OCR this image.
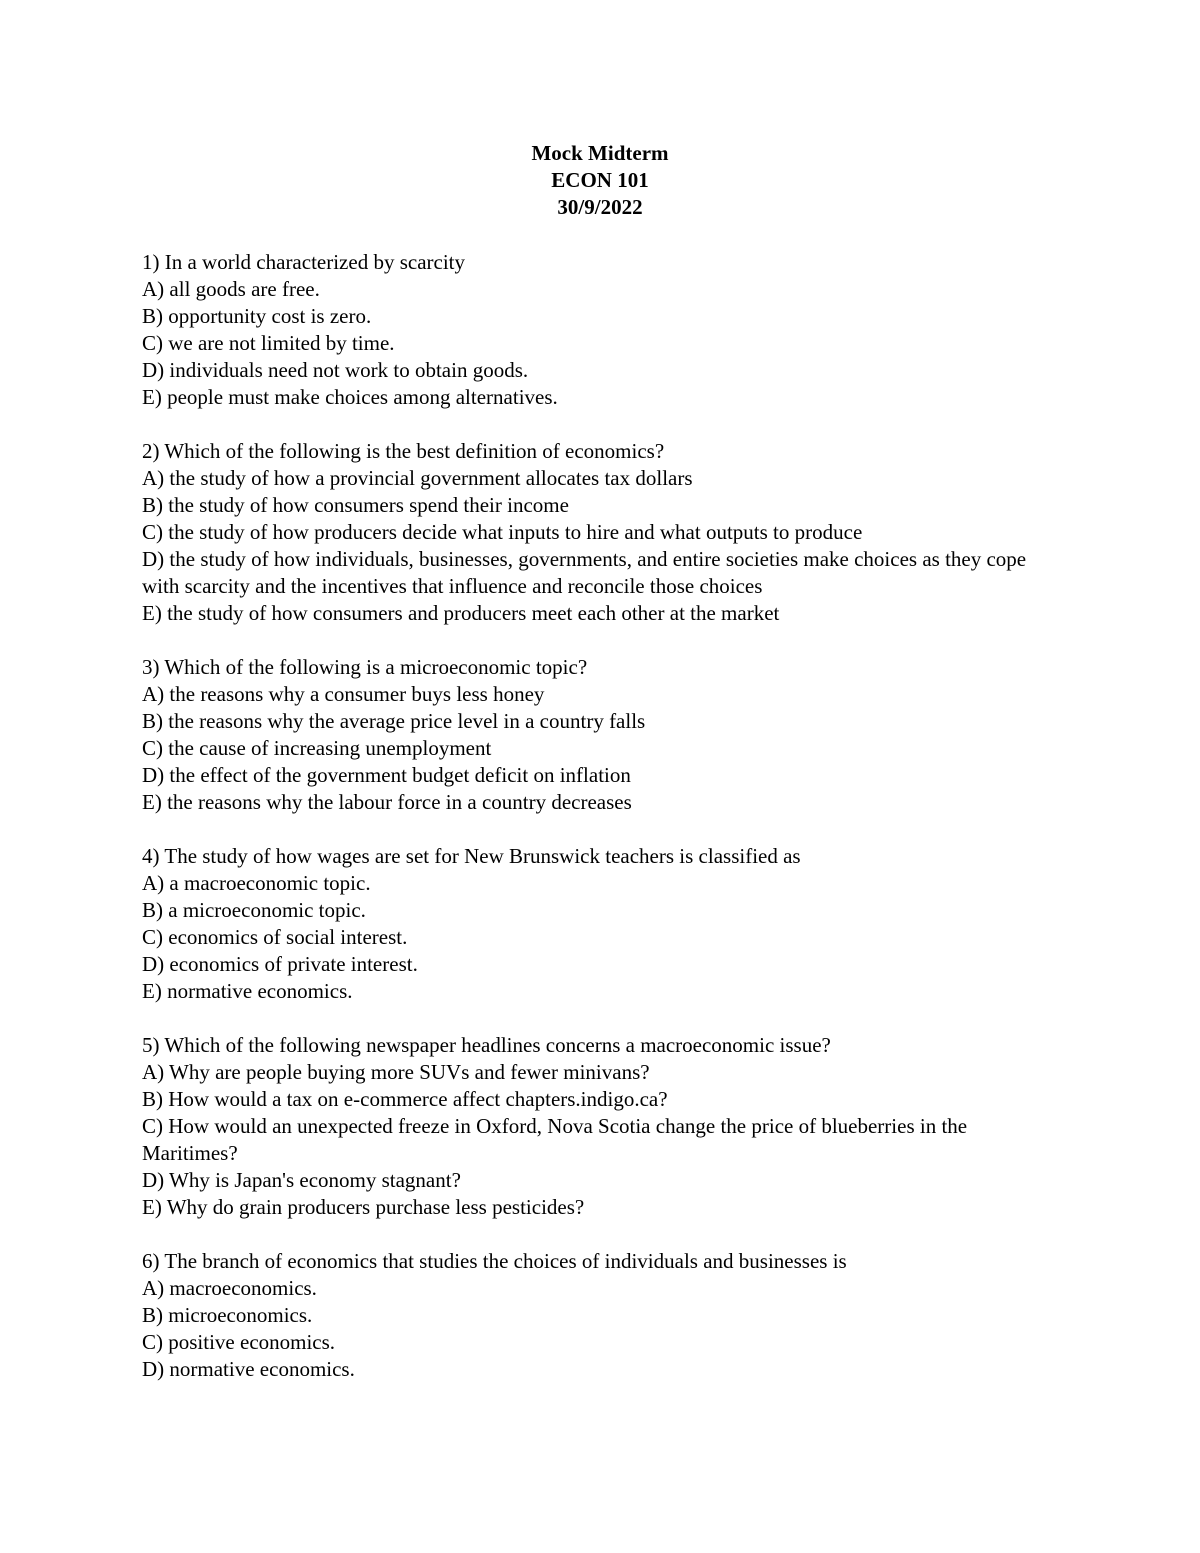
Mock Midterm
ECON 101
30/9/2022
1) In a world characterized by scarcity
A) all goods are free.
B) opportunity cost is zero.
C) we are not limited by time.
D) individuals need not work to obtain goods.
E) people must make choices among alternatives.
2) Which of the following is the best definition of economics?
A) the study of how a provincial government allocates tax dollars
B) the study of how consumers spend their income
C) the study of how producers decide what inputs to hire and what outputs to produce
D) the study of how individuals, businesses, governments, and entire societies make choices as they cope with scarcity and the incentives that influence and reconcile those choices
E) the study of how consumers and producers meet each other at the market
3) Which of the following is a microeconomic topic?
A) the reasons why a consumer buys less honey
B) the reasons why the average price level in a country falls
C) the cause of increasing unemployment
D) the effect of the government budget deficit on inflation
E) the reasons why the labour force in a country decreases
4) The study of how wages are set for New Brunswick teachers is classified as
A) a macroeconomic topic.
B) a microeconomic topic.
C) economics of social interest.
D) economics of private interest.
E) normative economics.
5) Which of the following newspaper headlines concerns a macroeconomic issue?
A) Why are people buying more SUVs and fewer minivans?
B) How would a tax on e-commerce affect chapters.indigo.ca?
C) How would an unexpected freeze in Oxford, Nova Scotia change the price of blueberries in the Maritimes?
D) Why is Japan's economy stagnant?
E) Why do grain producers purchase less pesticides?
6) The branch of economics that studies the choices of individuals and businesses is
A) macroeconomics.
B) microeconomics.
C) positive economics.
D) normative economics.
